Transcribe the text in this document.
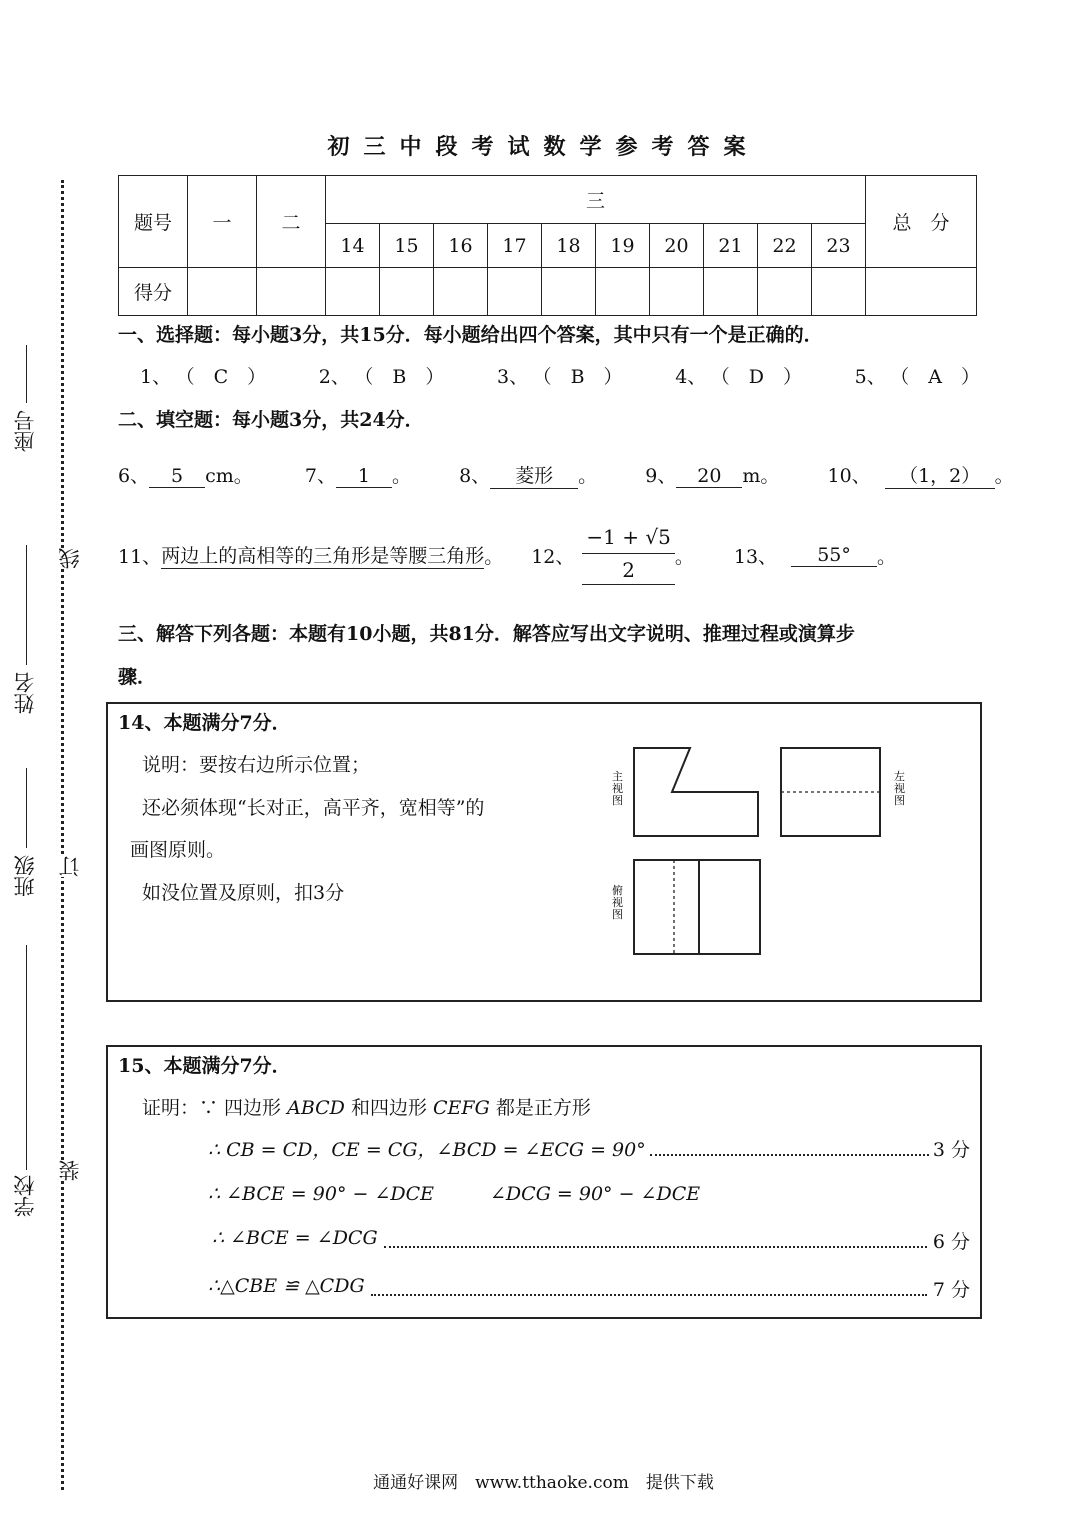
初三中段考试数学参考答案
座号
姓名
班级
学校
线
订
装
题号	一	二	三										总　分
			14	15	16	17	18	19	20	21	22	23	
得分													
一、选择题：每小题3分，共15分．每小题给出四个答案，其中只有一个是正确的．
1、 （　C　）	2、 （　B　）	3、 （　B　）	4、 （　D　）	5、 （　A　）
二、填空题：每小题3分，共24分．
6、 5 cm。	7、 1 。	8、 菱形 。	9、 20 m。	10、 （1，2） 。
11、 两边上的高相等的三角形是等腰三角形 。 12、 $\frac{-1 + √5}{2}$ 。 13、	55°	。
三、解答下列各题：本题有10小题，共81分．解答应写出文字说明、推理过程或演算步
骤．
14、本题满分7分．
说明：要按右边所示位置；
还必须体现“长对正，高平齐，宽相等”的
画图原则。
如没位置及原则，扣3分
主视图
左视图
俯视图
15、本题满分7分．
证明：∵ 四边形 ABCD 和四边形 CEFG 都是正方形
∴ CB = CD，CE = CG，∠BCD = ∠ECG = 90°	3 分
∴ ∠BCE = 90° − ∠DCE	∠DCG = 90° − ∠DCE
∴ ∠BCE = ∠DCG	6 分
∴△CBE ≌ △CDG	7 分
通通好课网　www.tthaoke.com　提供下载
